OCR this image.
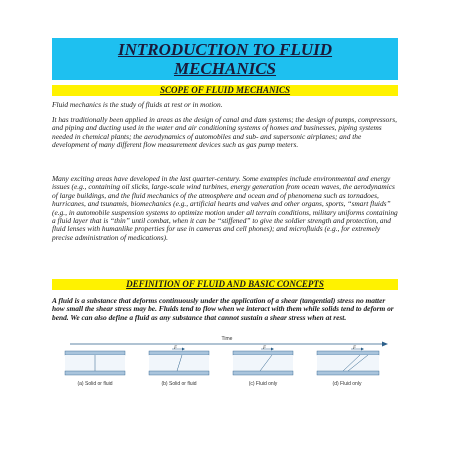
INTRODUCTION TO FLUID
MECHANICS
SCOPE OF FLUID MECHANICS

Fluid mechanics is the study of fluids at rest or in motion.

It has traditionally been applied in areas as the design of canal and dam systems; the design of pumps, compressors, and piping and ducting used in the water and air conditioning systems of homes and businesses, piping systems needed in chemical plants; the aerodynamics of automobiles and sub- and supersonic airplanes; and the development of many different flow measurement devices such as gas pump meters.

Many exciting areas have developed in the last quarter-century. Some examples include environmental and energy issues (e.g., containing oil slicks, large-scale wind turbines, energy generation from ocean waves, the aerodynamics of large buildings, and the fluid mechanics of the atmosphere and ocean and of phenomena such as tornadoes, hurricanes, and tsunamis, biomechanics (e.g., artificial hearts and valves and other organs, sports, “smart fluids” (e.g., in automobile suspension systems to optimize motion under all terrain conditions, military uniforms containing a fluid layer that is “thin” until combat, when it can be “stiffened” to give the soldier strength and protection, and fluid lenses with humanlike properties for use in cameras and cell phones); and microfluids (e.g., for extremely precise administration of medications).

DEFINITION OF FLUID AND BASIC CONCEPTS

A fluid is a substance that deforms continuously under the application of a shear (tangential) stress no matter how small the shear stress may be. Fluids tend to flow when we interact with them while solids tend to deform or bend. We can also define a fluid as any substance that cannot sustain a shear stress when at rest.

Time
F	F	F
(a) Solid or fluid	(b) Solid or fluid	(c) Fluid only	(d) Fluid only
